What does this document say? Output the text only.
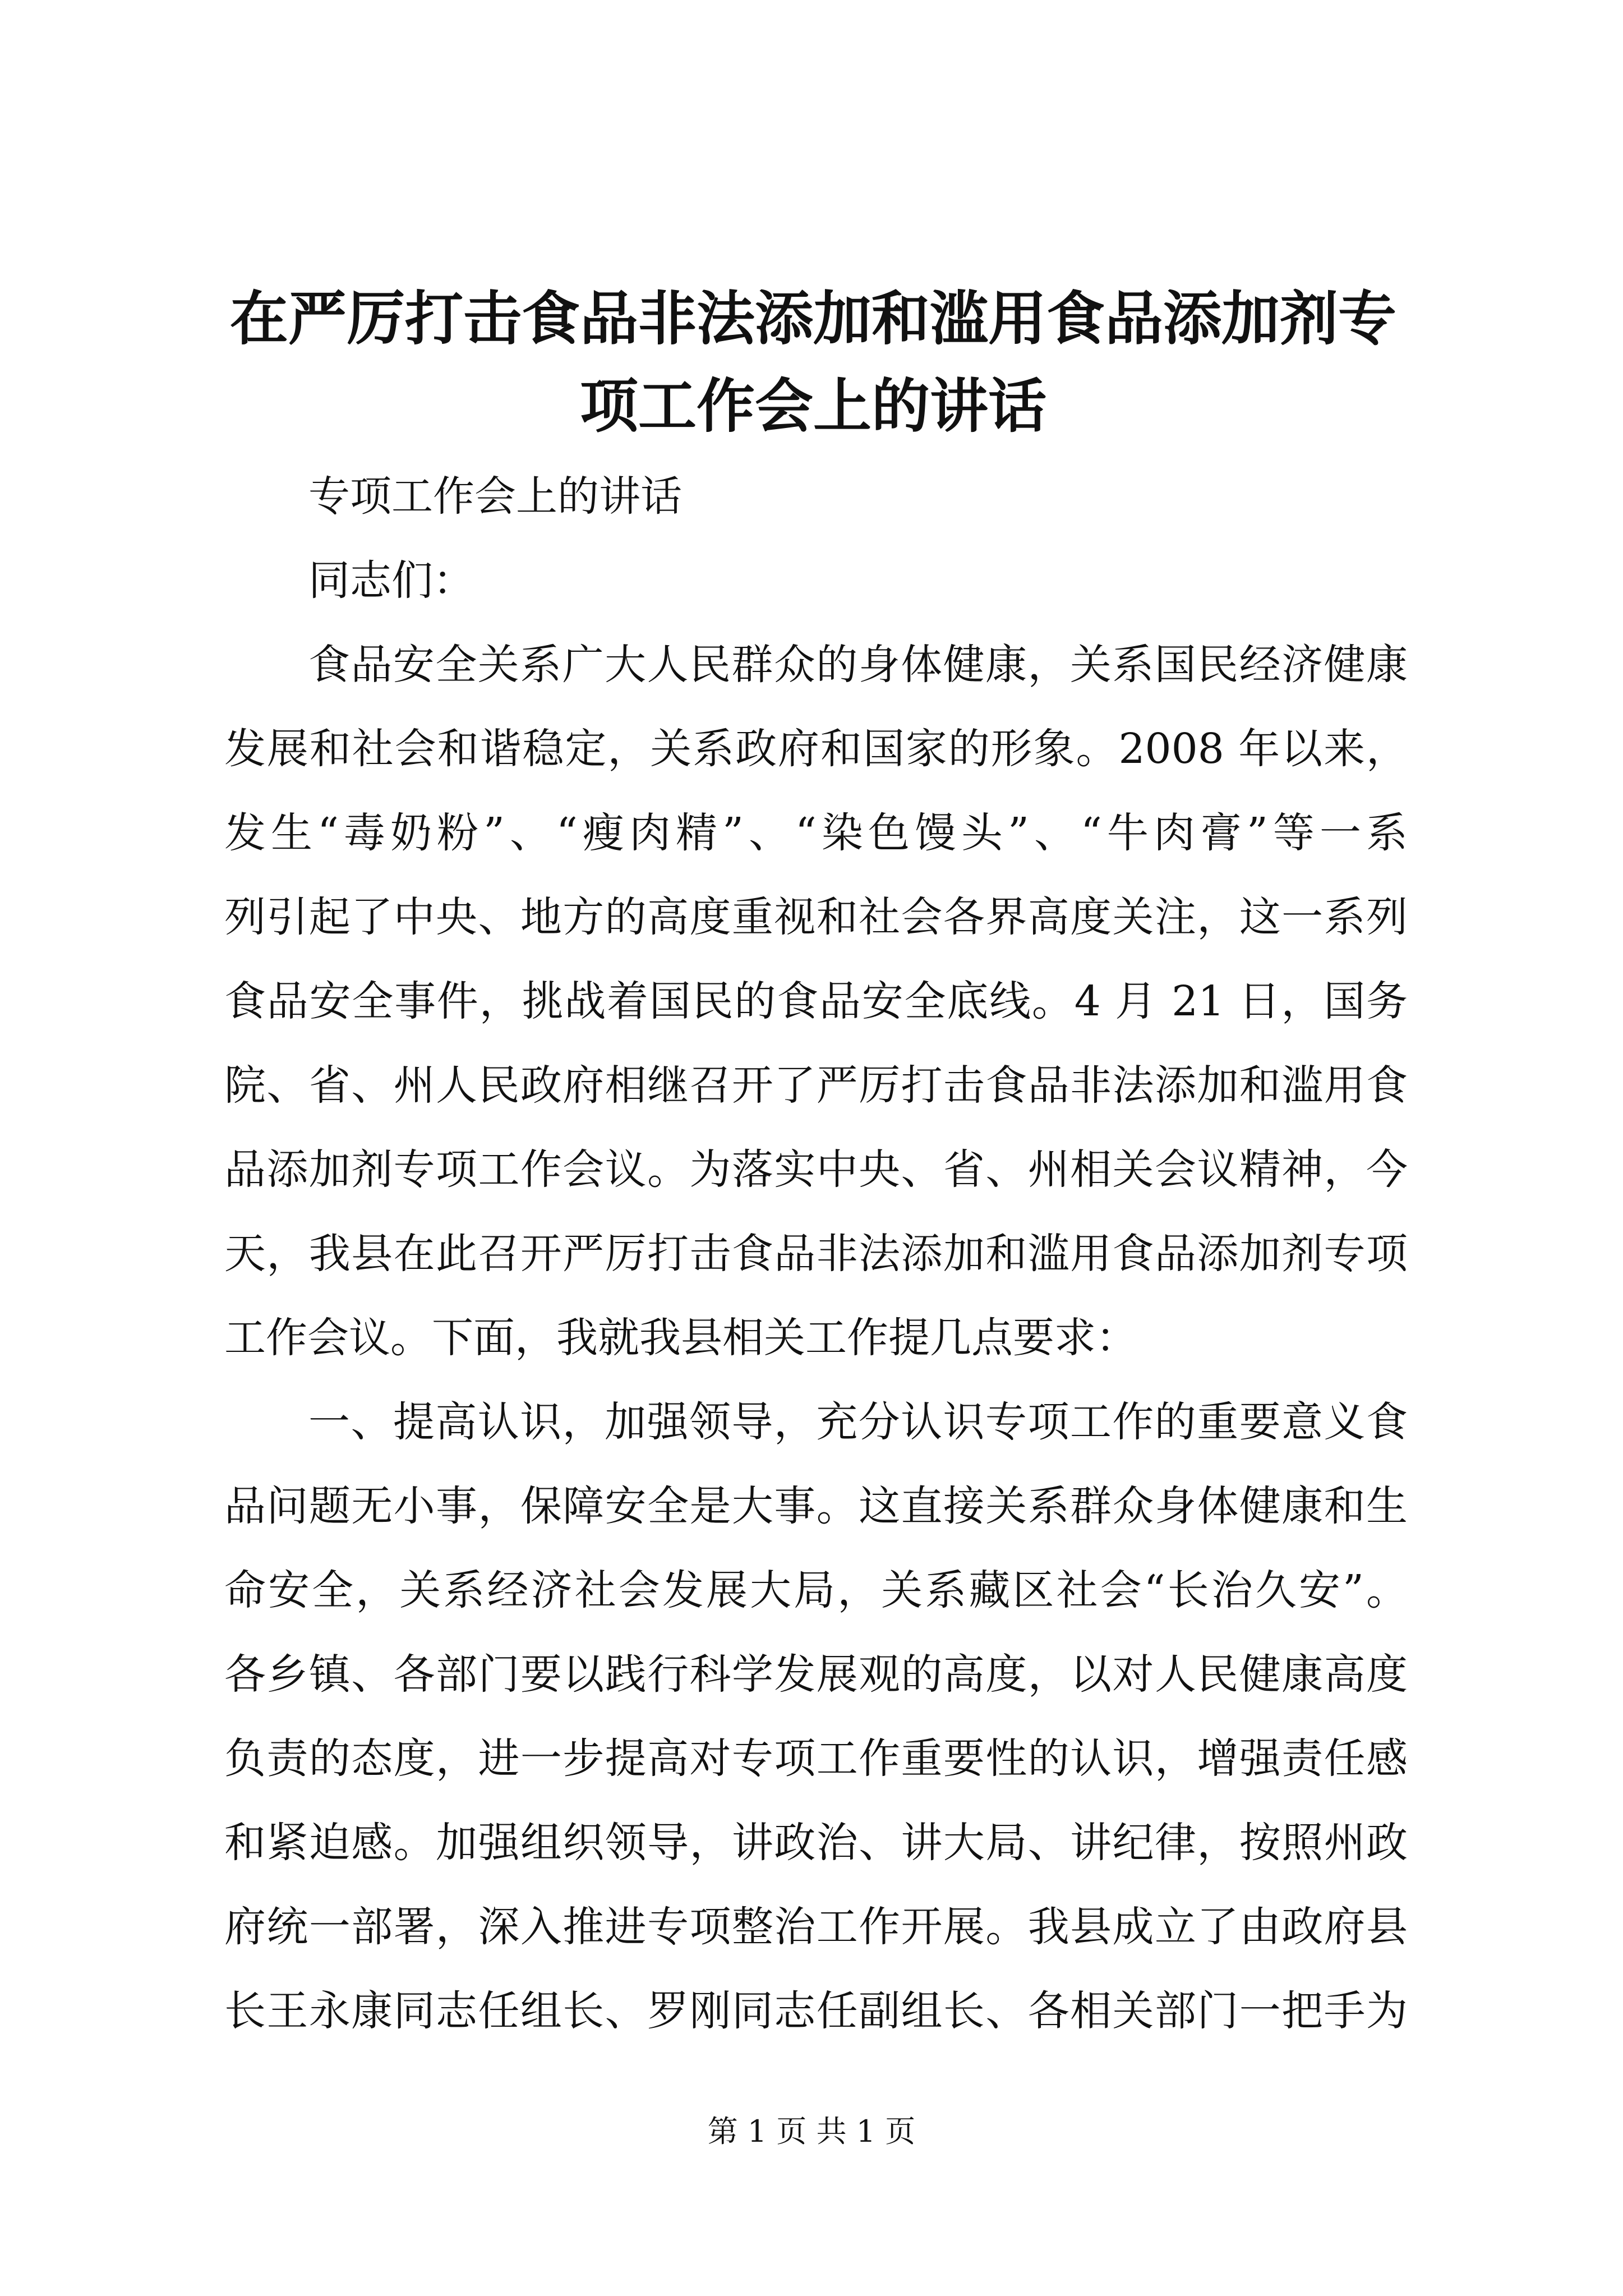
在严厉打击食品非法添加和滥用食品添加剂专
项工作会上的讲话
专项工作会上的讲话
同志们：
食品安全关系广大人民群众的身体健康，关系国民经济健康
发展和社会和谐稳定，关系政府和国家的形象。2008 年以来，
发生“毒奶粉”、“瘦肉精”、“染色馒头”、“牛肉膏”等一系
列引起了中央、地方的高度重视和社会各界高度关注，这一系列
食品安全事件，挑战着国民的食品安全底线。4 月 21 日，国务
院、省、州人民政府相继召开了严厉打击食品非法添加和滥用食
品添加剂专项工作会议。为落实中央、省、州相关会议精神，今
天，我县在此召开严厉打击食品非法添加和滥用食品添加剂专项
工作会议。下面，我就我县相关工作提几点要求：
一、提高认识，加强领导，充分认识专项工作的重要意义食
品问题无小事，保障安全是大事。这直接关系群众身体健康和生
命安全，关系经济社会发展大局，关系藏区社会“长治久安”。
各乡镇、各部门要以践行科学发展观的高度，以对人民健康高度
负责的态度，进一步提高对专项工作重要性的认识，增强责任感
和紧迫感。加强组织领导，讲政治、讲大局、讲纪律，按照州政
府统一部署，深入推进专项整治工作开展。我县成立了由政府县
长王永康同志任组长、罗刚同志任副组长、各相关部门一把手为
第 1 页 共 1 页
